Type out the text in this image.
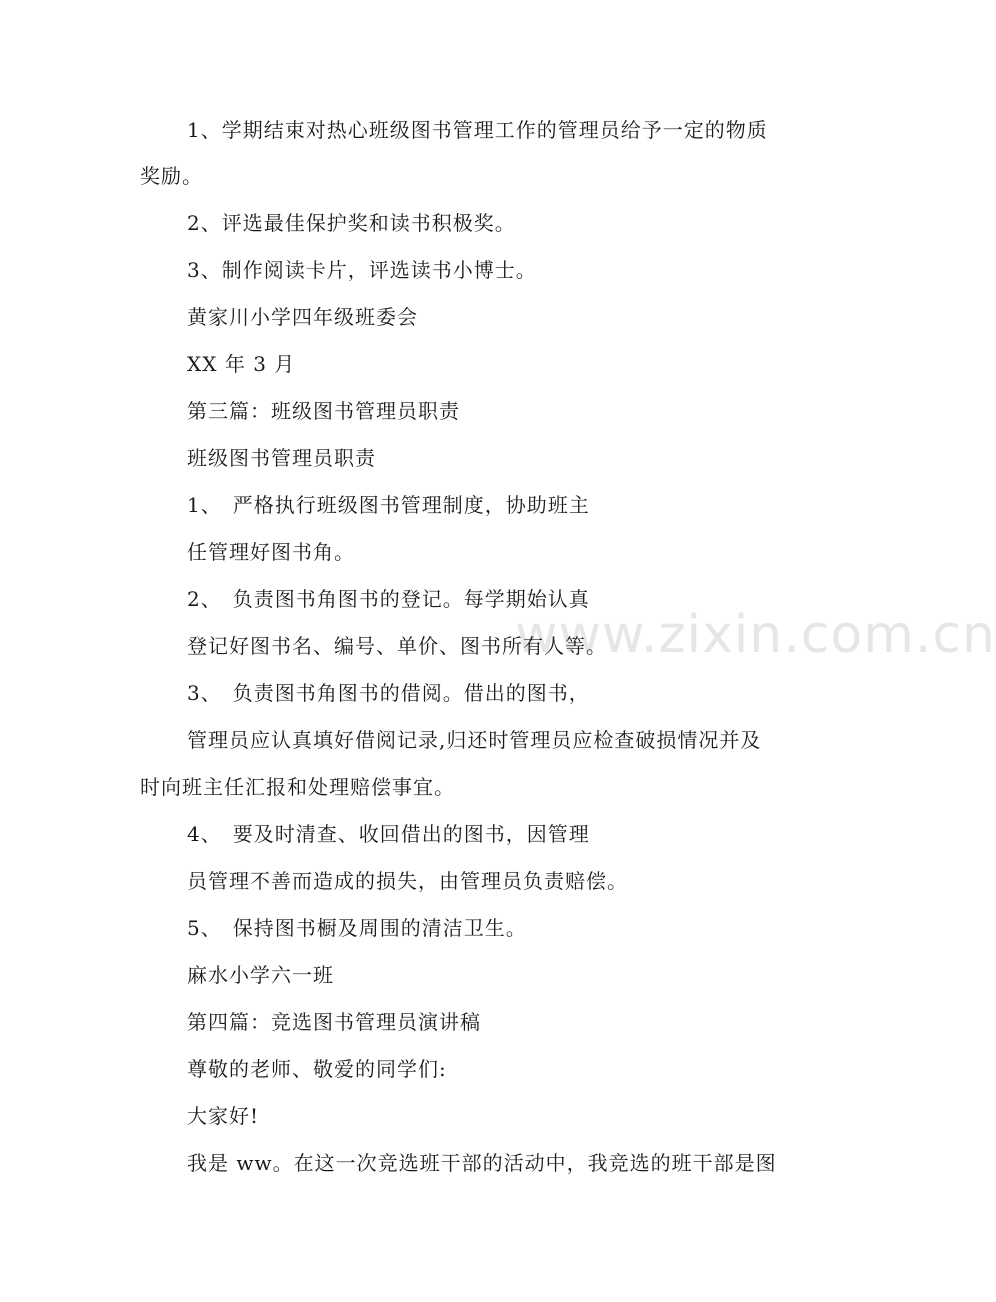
www.zixin.com.cn
1、学期结束对热心班级图书管理工作的管理员给予一定的物质
奖励。
2、评选最佳保护奖和读书积极奖。
3、制作阅读卡片，评选读书小博士。
黄家川小学四年级班委会
XX 年 3 月
第三篇：班级图书管理员职责
班级图书管理员职责
1、　严格执行班级图书管理制度，协助班主
任管理好图书角。
2、　负责图书角图书的登记。每学期始认真
登记好图书名、编号、单价、图书所有人等。
3、　负责图书角图书的借阅。借出的图书，
管理员应认真填好借阅记录,归还时管理员应检查破损情况并及
时向班主任汇报和处理赔偿事宜。
4、　要及时清查、收回借出的图书，因管理
员管理不善而造成的损失，由管理员负责赔偿。
5、　保持图书橱及周围的清洁卫生。
麻水小学六一班
第四篇：竞选图书管理员演讲稿
尊敬的老师、敬爱的同学们:
大家好!
我是 ww。在这一次竞选班干部的活动中，我竞选的班干部是图
